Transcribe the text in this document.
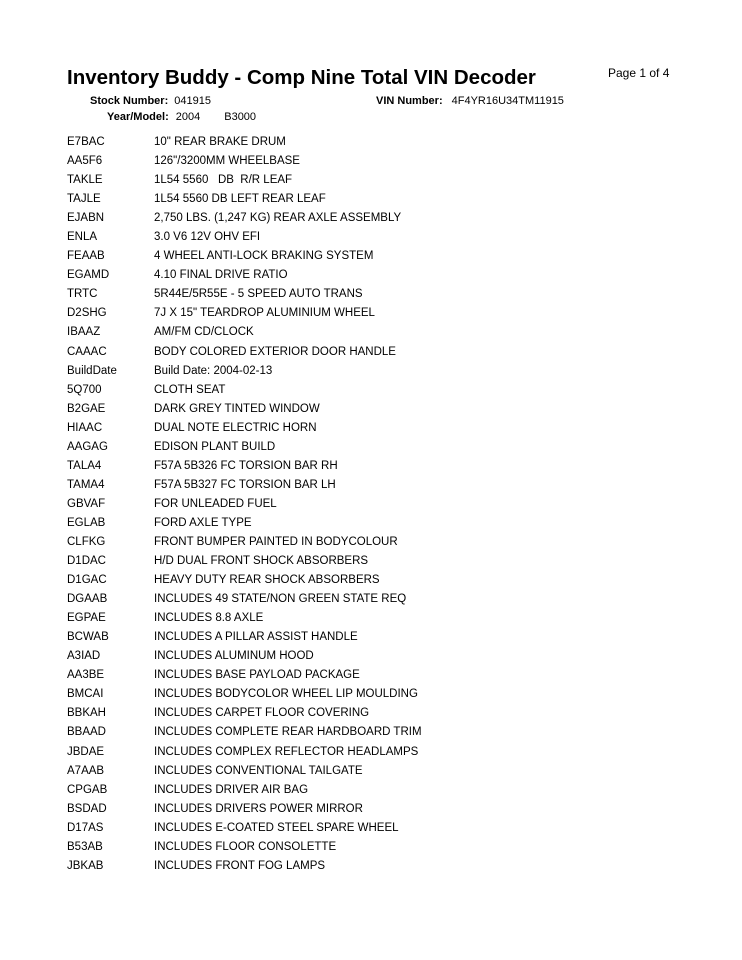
Inventory Buddy - Comp Nine Total VIN Decoder	Page 1 of 4
Stock Number: 041915	VIN Number: 4F4YR16U34TM11915
Year/Model: 2004 B3000
E7BAC	10" REAR BRAKE DRUM
AA5F6	126"/3200MM WHEELBASE
TAKLE	1L54 5560   DB  R/R LEAF
TAJLE	1L54 5560 DB LEFT REAR LEAF
EJABN	2,750 LBS. (1,247 KG) REAR AXLE ASSEMBLY
ENLA	3.0 V6 12V OHV EFI
FEAAB	4 WHEEL ANTI-LOCK BRAKING SYSTEM
EGAMD	4.10 FINAL DRIVE RATIO
TRTC	5R44E/5R55E - 5 SPEED AUTO TRANS
D2SHG	7J X 15" TEARDROP ALUMINIUM WHEEL
IBAAZ	AM/FM CD/CLOCK
CAAAC	BODY COLORED EXTERIOR DOOR HANDLE
BuildDate	Build Date: 2004-02-13
5Q700	CLOTH SEAT
B2GAE	DARK GREY TINTED WINDOW
HIAAC	DUAL NOTE ELECTRIC HORN
AAGAG	EDISON PLANT BUILD
TALA4	F57A 5B326 FC TORSION BAR RH
TAMA4	F57A 5B327 FC TORSION BAR LH
GBVAF	FOR UNLEADED FUEL
EGLAB	FORD AXLE TYPE
CLFKG	FRONT BUMPER PAINTED IN BODYCOLOUR
D1DAC	H/D DUAL FRONT SHOCK ABSORBERS
D1GAC	HEAVY DUTY REAR SHOCK ABSORBERS
DGAAB	INCLUDES 49 STATE/NON GREEN STATE REQ
EGPAE	INCLUDES 8.8 AXLE
BCWAB	INCLUDES A PILLAR ASSIST HANDLE
A3IAD	INCLUDES ALUMINUM HOOD
AA3BE	INCLUDES BASE PAYLOAD PACKAGE
BMCAI	INCLUDES BODYCOLOR WHEEL LIP MOULDING
BBKAH	INCLUDES CARPET FLOOR COVERING
BBAAD	INCLUDES COMPLETE REAR HARDBOARD TRIM
JBDAE	INCLUDES COMPLEX REFLECTOR HEADLAMPS
A7AAB	INCLUDES CONVENTIONAL TAILGATE
CPGAB	INCLUDES DRIVER AIR BAG
BSDAD	INCLUDES DRIVERS POWER MIRROR
D17AS	INCLUDES E-COATED STEEL SPARE WHEEL
B53AB	INCLUDES FLOOR CONSOLETTE
JBKAB	INCLUDES FRONT FOG LAMPS
